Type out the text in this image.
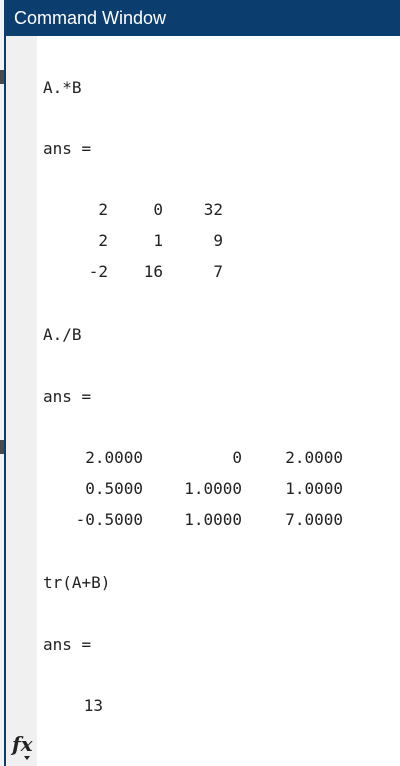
Command Window
A.*B
ans =
2	0	32
2	1	9
-2 16	7
A./B
ans =
2.0000	0	2.0000
0.5000	1.0000	1.0000
-0.5000	1.0000	7.0000
tr(A+B)
ans =
13
fx
